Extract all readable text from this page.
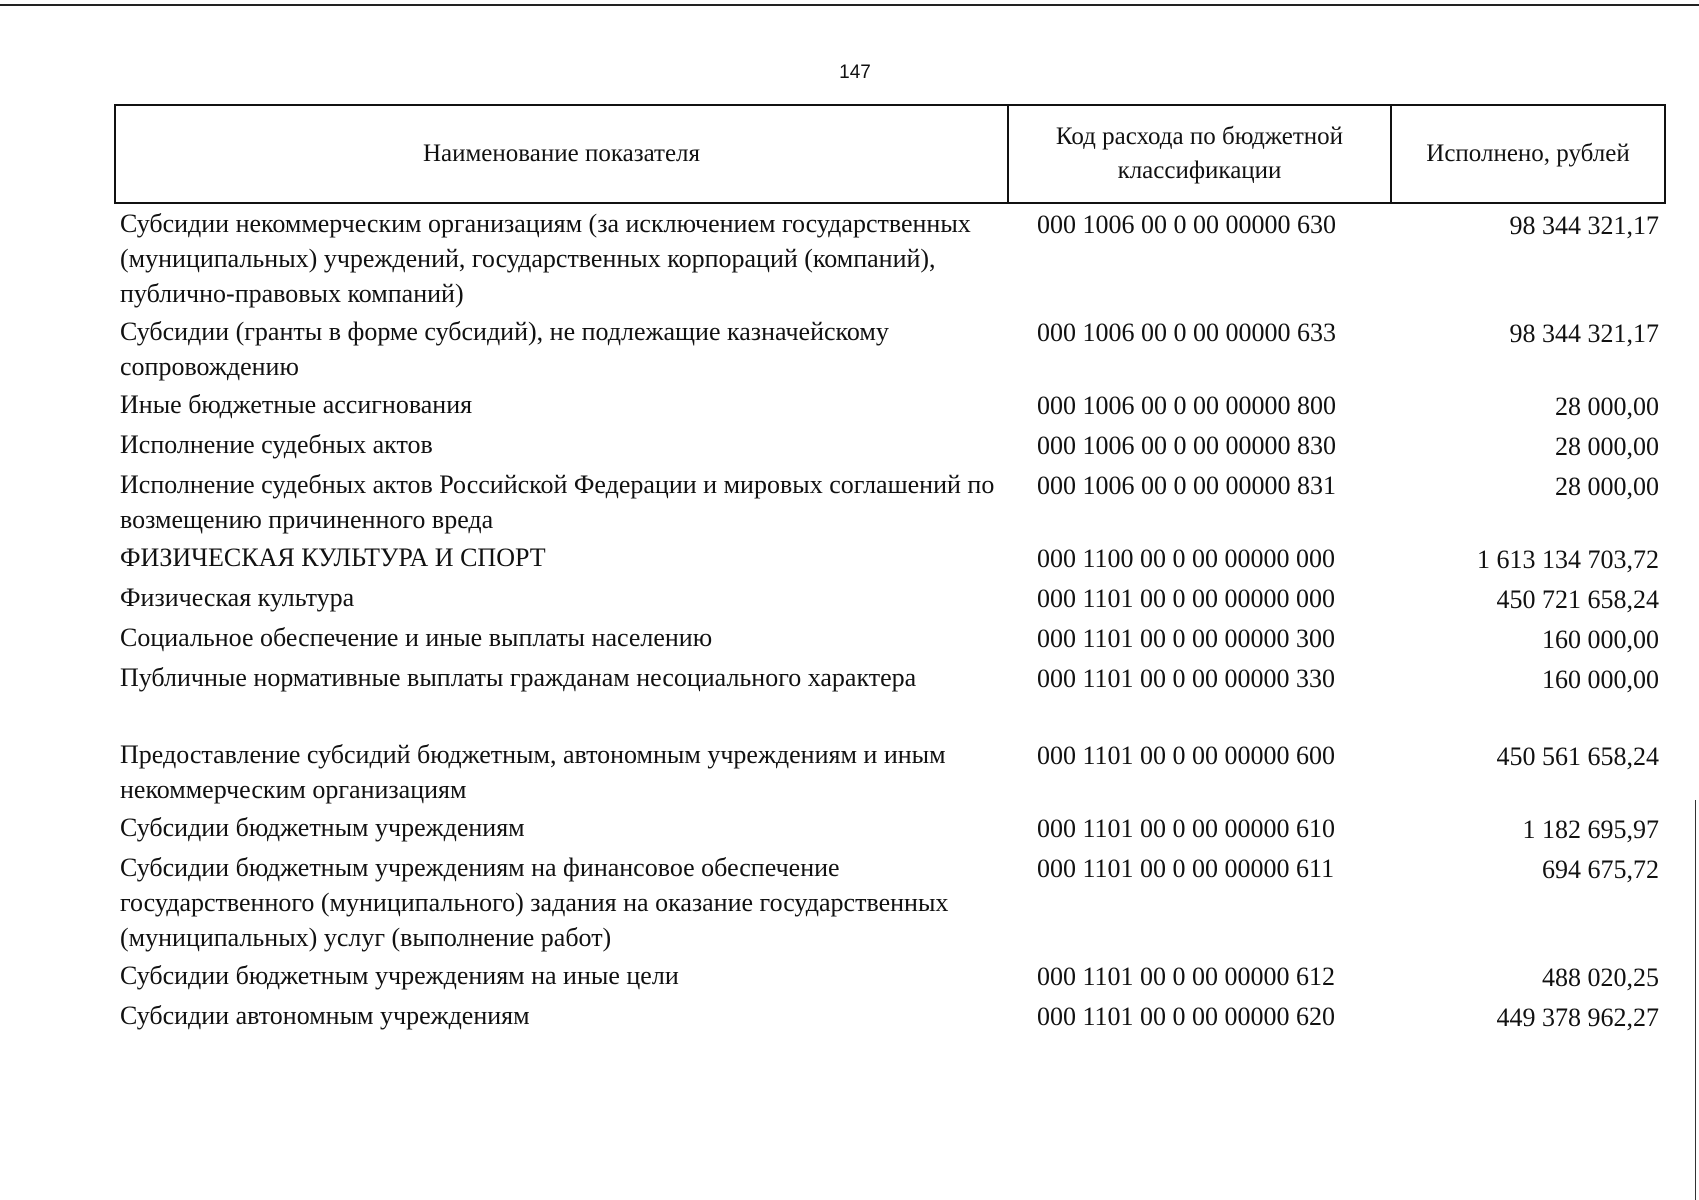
147
Наименование показателя	Код расхода по бюджетной классификации	Исполнено, рублей
Субсидии некоммерческим организациям (за исключением государственных (муниципальных) учреждений, государственных корпораций (компаний), публично-правовых компаний)	000 1006 00 0 00 00000 630	98 344 321,17
Субсидии (гранты в форме субсидий), не подлежащие казначейскому сопровождению	000 1006 00 0 00 00000 633	98 344 321,17
Иные бюджетные ассигнования	000 1006 00 0 00 00000 800	28 000,00
Исполнение судебных актов	000 1006 00 0 00 00000 830	28 000,00
Исполнение судебных актов Российской Федерации и мировых соглашений по возмещению причиненного вреда	000 1006 00 0 00 00000 831	28 000,00
ФИЗИЧЕСКАЯ КУЛЬТУРА И СПОРТ	000 1100 00 0 00 00000 000	1 613 134 703,72
Физическая культура	000 1101 00 0 00 00000 000	450 721 658,24
Социальное обеспечение и иные выплаты населению	000 1101 00 0 00 00000 300	160 000,00
Публичные нормативные выплаты гражданам несоциального характера	000 1101 00 0 00 00000 330	160 000,00
Предоставление субсидий бюджетным, автономным учреждениям и иным некоммерческим организациям	000 1101 00 0 00 00000 600	450 561 658,24
Субсидии бюджетным учреждениям	000 1101 00 0 00 00000 610	1 182 695,97
Субсидии бюджетным учреждениям на финансовое обеспечение государственного (муниципального) задания на оказание государственных (муниципальных) услуг (выполнение работ)	000 1101 00 0 00 00000 611	694 675,72
Субсидии бюджетным учреждениям на иные цели	000 1101 00 0 00 00000 612	488 020,25
Субсидии автономным учреждениям	000 1101 00 0 00 00000 620	449 378 962,27
